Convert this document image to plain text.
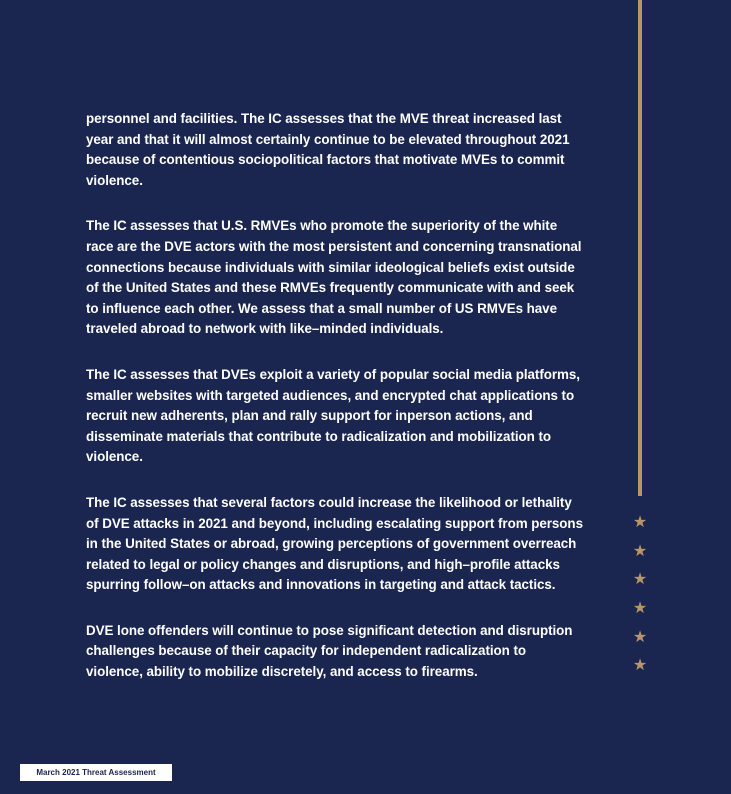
★
★
★
★
★
★

personnel and facilities. The IC assesses that the MVE threat increased last year and that it will almost certainly continue to be elevated throughout 2021 because of contentious sociopolitical factors that motivate MVEs to commit violence.

The IC assesses that U.S. RMVEs who promote the superiority of the white race are the DVE actors with the most persistent and concerning transnational connections because individuals with similar ideological beliefs exist outside of the United States and these RMVEs frequently communicate with and seek to influence each other. We assess that a small number of US RMVEs have traveled abroad to network with like–minded individuals.

The IC assesses that DVEs exploit a variety of popular social media platforms, smaller websites with targeted audiences, and encrypted chat applications to recruit new adherents, plan and rally support for inperson actions, and disseminate materials that contribute to radicalization and mobilization to violence.

The IC assesses that several factors could increase the likelihood or lethality of DVE attacks in 2021 and beyond, including escalating support from persons in the United States or abroad, growing perceptions of government overreach related to legal or policy changes and disruptions, and high–profile attacks spurring follow–on attacks and innovations in targeting and attack tactics.

DVE lone offenders will continue to pose significant detection and disruption challenges because of their capacity for independent radicalization to violence, ability to mobilize discretely, and access to firearms.

March 2021 Threat Assessment
